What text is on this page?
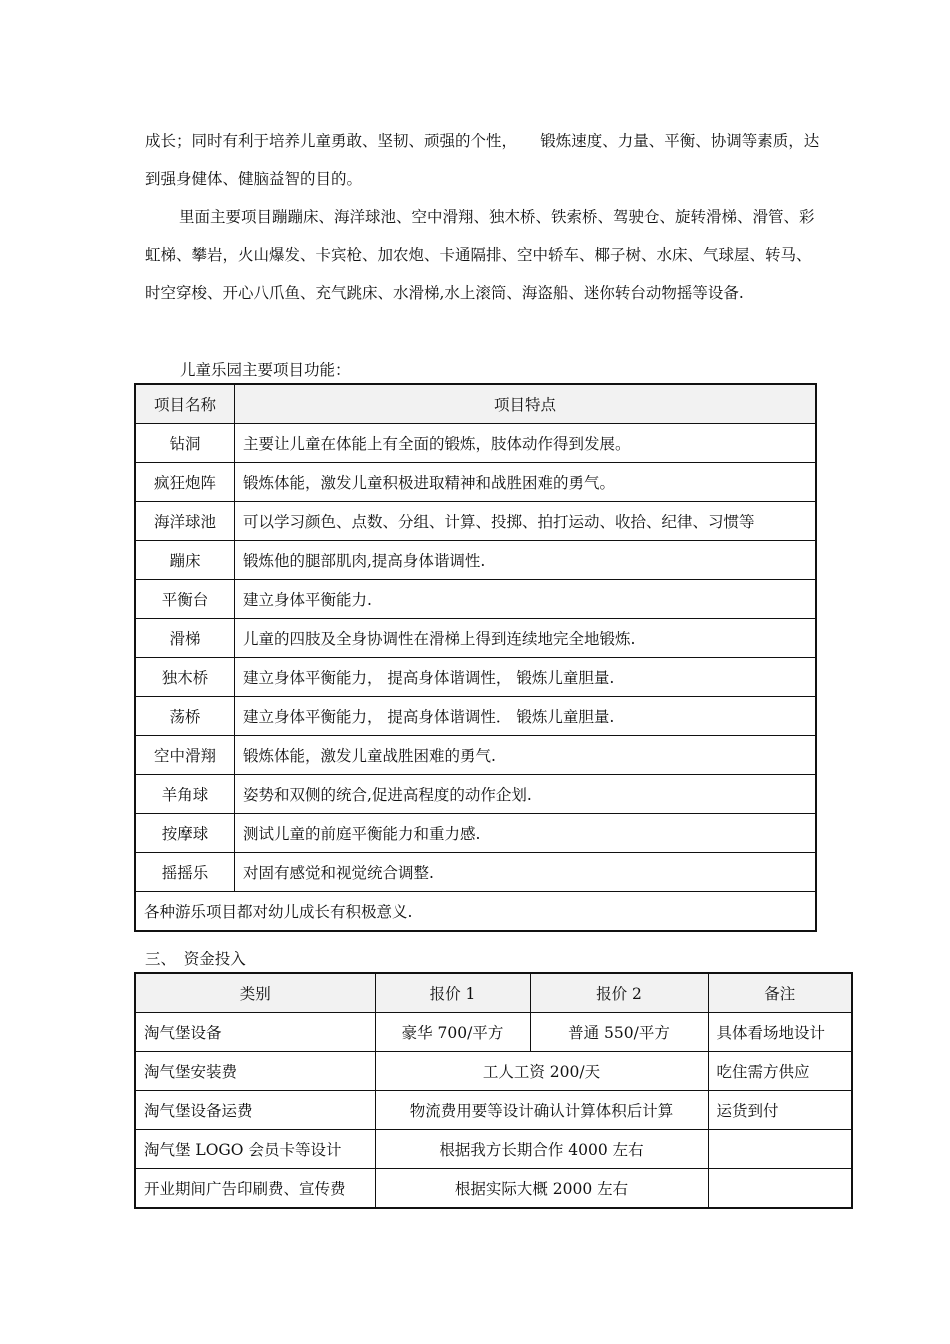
成长；同时有利于培养儿童勇敢、坚韧、顽强的个性，　　锻炼速度、力量、平衡、协调等素质，达到强身健体、健脑益智的目的。
里面主要项目蹦蹦床、海洋球池、空中滑翔、独木桥、铁索桥、驾驶仓、旋转滑梯、滑管、彩虹梯、攀岩，火山爆发、卡宾枪、加农炮、卡通隔排、空中轿车、椰子树、水床、气球屋、转马、时空穿梭、开心八爪鱼、充气跳床、水滑梯,水上滚筒、海盗船、迷你转台动物摇等设备.
儿童乐园主要项目功能：
项目名称	项目特点
钻洞	主要让儿童在体能上有全面的锻炼，肢体动作得到发展。
疯狂炮阵	锻炼体能，激发儿童积极进取精神和战胜困难的勇气。
海洋球池	可以学习颜色、点数、分组、计算、投掷、拍打运动、收拾、纪律、习惯等
蹦床	锻炼他的腿部肌肉,提高身体谐调性.
平衡台	建立身体平衡能力.
滑梯	儿童的四肢及全身协调性在滑梯上得到连续地完全地锻炼.
独木桥	建立身体平衡能力， 提高身体谐调性， 锻炼儿童胆量.
荡桥	建立身体平衡能力， 提高身体谐调性． 锻炼儿童胆量.
空中滑翔	锻炼体能，激发儿童战胜困难的勇气.
羊角球	姿势和双侧的统合,促进高程度的动作企划.
按摩球	测试儿童的前庭平衡能力和重力感.
摇摇乐	对固有感觉和视觉统合调整.
各种游乐项目都对幼儿成长有积极意义.	
三、　资金投入
类别	报价 1	报价 2	备注
淘气堡设备	豪华 700/平方	普通 550/平方	具体看场地设计
淘气堡安装费	工人工资 200/天		吃住需方供应
淘气堡设备运费	物流费用要等设计确认计算体积后计算		运货到付
淘气堡 LOGO 会员卡等设计	根据我方长期合作 4000 左右		
开业期间广告印刷费、宣传费	根据实际大概 2000 左右		
